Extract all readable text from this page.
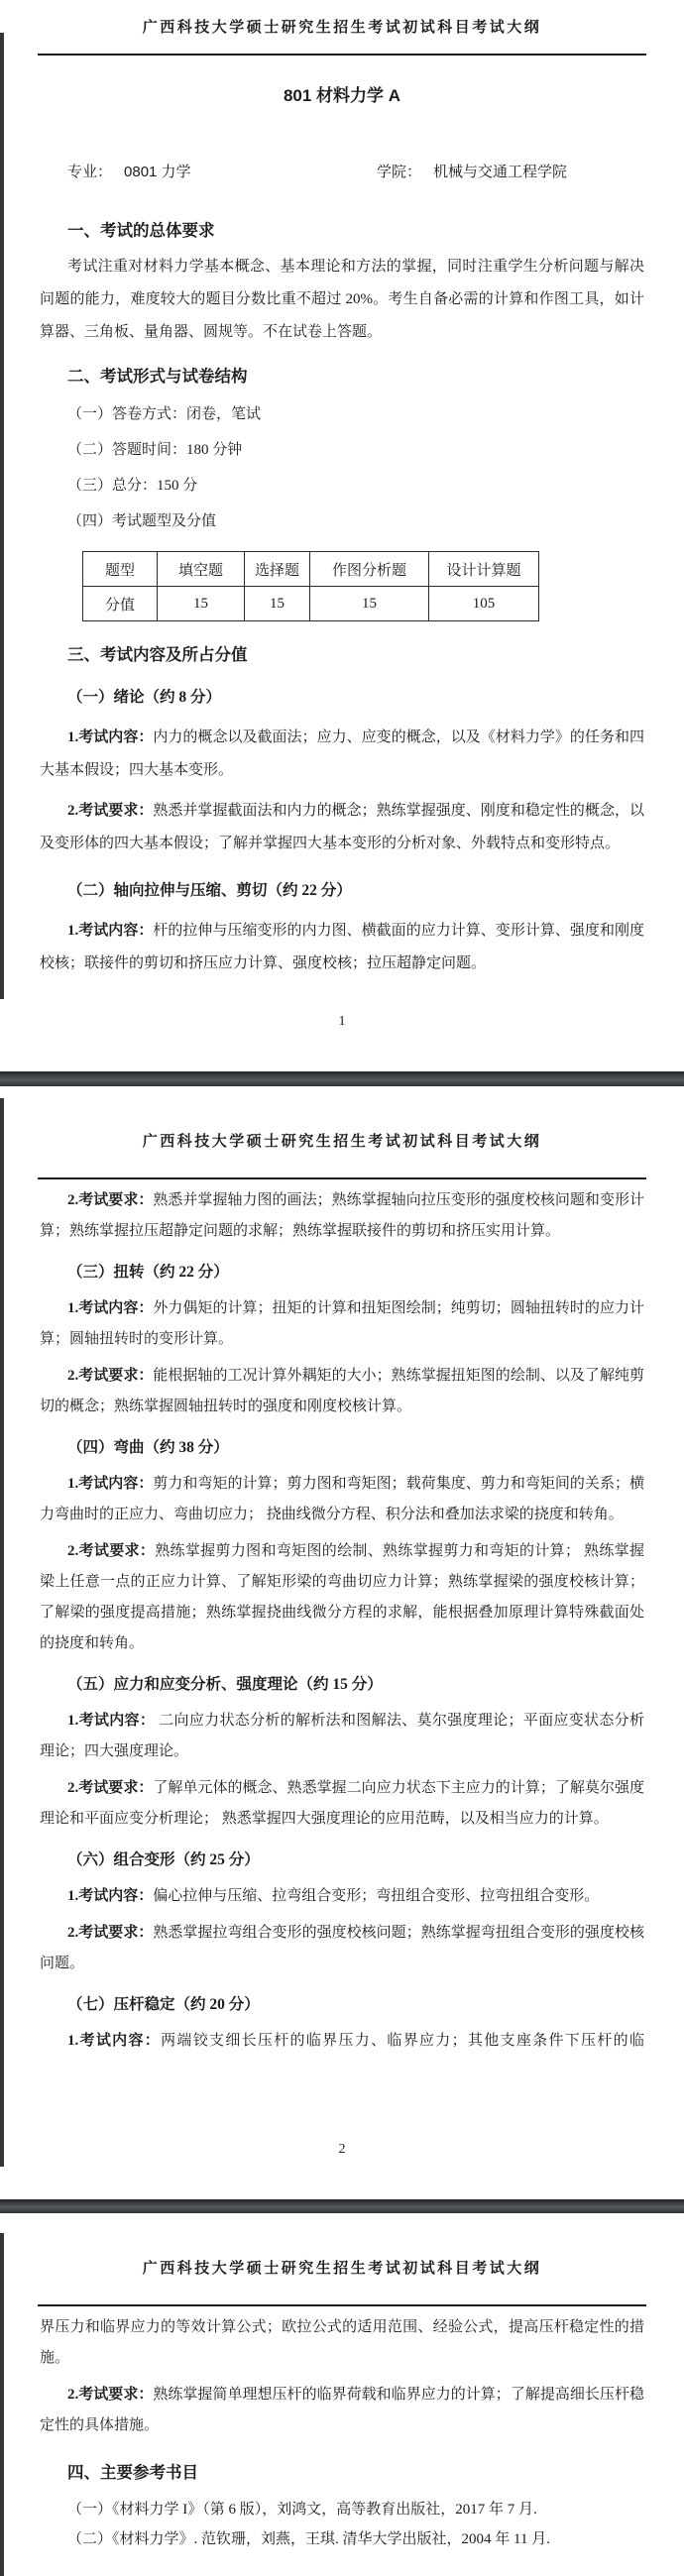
广西科技大学硕士研究生招生考试初试科目考试大纲
801 材料力学 A
专业： 0801 力学	学院： 机械与交通工程学院
一、考试的总体要求

考试注重对材料力学基本概念、基本理论和方法的掌握，同时注重学生分析问题与解决问题的能力，难度较大的题目分数比重不超过 20%。考生自备必需的计算和作图工具，如计算器、三角板、量角器、圆规等。不在试卷上答题。

二、考试形式与试卷结构
（一）答卷方式：闭卷，笔试
（二）答题时间：180 分钟
（三）总分：150 分
（四）考试题型及分值
题型	填空题	选择题	作图分析题	设计计算题
分值	15	15	15	105
三、考试内容及所占分值
（一）绪论（约 8 分）

1.考试内容：内力的概念以及截面法；应力、应变的概念，以及《材料力学》的任务和四大基本假设；四大基本变形。

2.考试要求：熟悉并掌握截面法和内力的概念；熟练掌握强度、刚度和稳定性的概念，以及变形体的四大基本假设；了解并掌握四大基本变形的分析对象、外载特点和变形特点。

（二）轴向拉伸与压缩、剪切（约 22 分）

1.考试内容：杆的拉伸与压缩变形的内力图、横截面的应力计算、变形计算、强度和刚度校核；联接件的剪切和挤压应力计算、强度校核；拉压超静定问题。

1
广西科技大学硕士研究生招生考试初试科目考试大纲

2.考试要求：熟悉并掌握轴力图的画法；熟练掌握轴向拉压变形的强度校核问题和变形计算；熟练掌握拉压超静定问题的求解；熟练掌握联接件的剪切和挤压实用计算。

（三）扭转（约 22 分）

1.考试内容：外力偶矩的计算；扭矩的计算和扭矩图绘制；纯剪切；圆轴扭转时的应力计算；圆轴扭转时的变形计算。

2.考试要求：能根据轴的工况计算外耦矩的大小；熟练掌握扭矩图的绘制、以及了解纯剪切的概念；熟练掌握圆轴扭转时的强度和刚度校核计算。

（四）弯曲（约 38 分）

1.考试内容：剪力和弯矩的计算；剪力图和弯矩图；载荷集度、剪力和弯矩间的关系；横力弯曲时的正应力、弯曲切应力； 挠曲线微分方程、积分法和叠加法求梁的挠度和转角。

2.考试要求：熟练掌握剪力图和弯矩图的绘制、熟练掌握剪力和弯矩的计算； 熟练掌握梁上任意一点的正应力计算、了解矩形梁的弯曲切应力计算；熟练掌握梁的强度校核计算；了解梁的强度提高措施；熟练掌握挠曲线微分方程的求解，能根据叠加原理计算特殊截面处的挠度和转角。

（五）应力和应变分析、强度理论（约 15 分）

1.考试内容： 二向应力状态分析的解析法和图解法、莫尔强度理论；平面应变状态分析理论；四大强度理论。

2.考试要求：了解单元体的概念、熟悉掌握二向应力状态下主应力的计算；了解莫尔强度理论和平面应变分析理论； 熟悉掌握四大强度理论的应用范畴，以及相当应力的计算。

（六）组合变形（约 25 分）

1.考试内容：偏心拉伸与压缩、拉弯组合变形；弯扭组合变形、拉弯扭组合变形。

2.考试要求：熟悉掌握拉弯组合变形的强度校核问题；熟练掌握弯扭组合变形的强度校核问题。

（七）压杆稳定（约 20 分）

1.考试内容：两端铰支细长压杆的临界压力、临界应力；其他支座条件下压杆的临

2
广西科技大学硕士研究生招生考试初试科目考试大纲

界压力和临界应力的等效计算公式；欧拉公式的适用范围、经验公式，提高压杆稳定性的措施。

2.考试要求：熟练掌握简单理想压杆的临界荷载和临界应力的计算；了解提高细长压杆稳定性的具体措施。

四、主要参考书目
（一）《材料力学 I》（第 6 版），刘鸿文，高等教育出版社，2017 年 7 月.
（二）《材料力学》. 范钦珊，刘燕，王琪. 清华大学出版社，2004 年 11 月.
